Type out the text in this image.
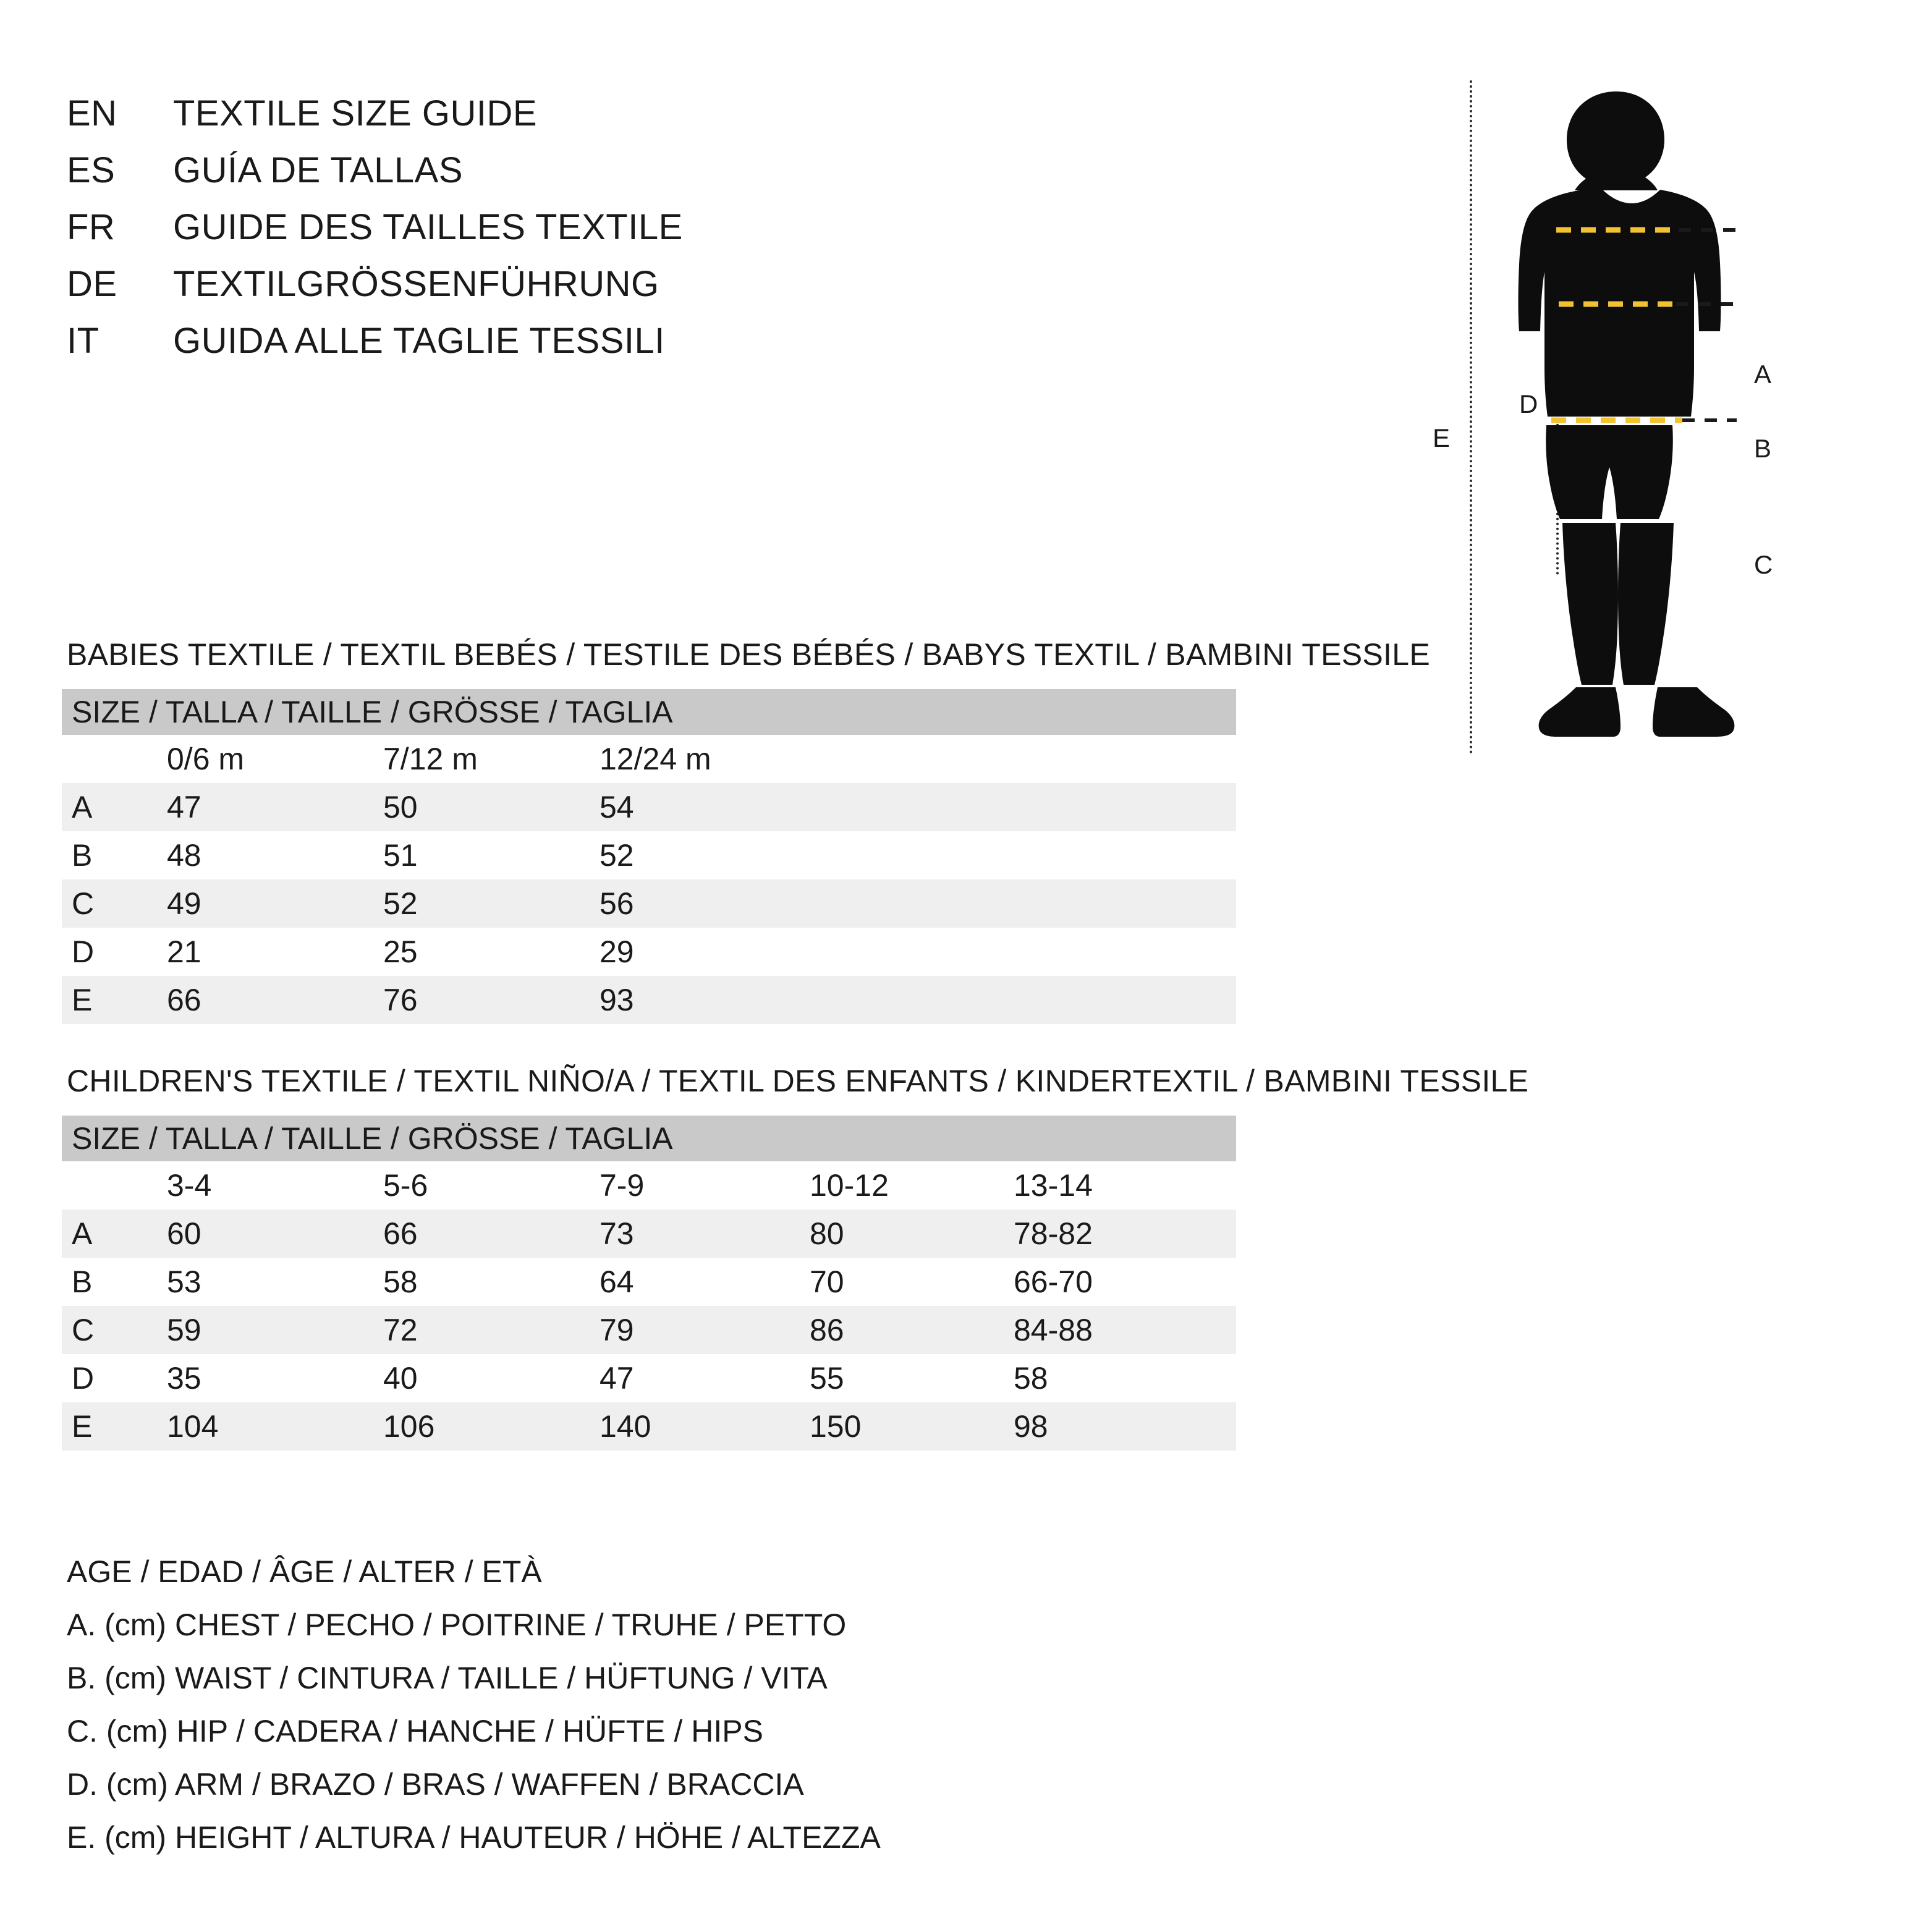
EN	TEXTILE SIZE GUIDE
ES	GUÍA DE TALLAS
FR	GUIDE DES TAILLES TEXTILE
DE	TEXTILGRÖSSENFÜHRUNG
IT	GUIDA ALLE TAGLIE TESSILI
E
D
A
B
C
BABIES TEXTILE / TEXTIL BEBÉS / TESTILE DES BÉBÉS / BABYS TEXTIL / BAMBINI TESSILE
SIZE / TALLA / TAILLE / GRÖSSE / TAGLIA			
	0/6 m	7/12 m	12/24 m
A	47	50	54
B	48	51	52
C	49	52	56
D	21	25	29
E	66	76	93
CHILDREN'S TEXTILE / TEXTIL NIÑO/A / TEXTIL DES ENFANTS / KINDERTEXTIL / BAMBINI TESSILE
SIZE / TALLA / TAILLE / GRÖSSE / TAGLIA					
	3-4	5-6	7-9	10-12	13-14
A	60	66	73	80	78-82
B	53	58	64	70	66-70
C	59	72	79	86	84-88
D	35	40	47	55	58
E	104	106	140	150	98
AGE / EDAD / ÂGE / ALTER / ETÀ
A. (cm) CHEST / PECHO / POITRINE / TRUHE / PETTO
B. (cm) WAIST / CINTURA / TAILLE / HÜFTUNG / VITA
C. (cm) HIP / CADERA / HANCHE / HÜFTE / HIPS
D. (cm) ARM / BRAZO / BRAS / WAFFEN / BRACCIA
E. (cm) HEIGHT / ALTURA / HAUTEUR / HÖHE / ALTEZZA
